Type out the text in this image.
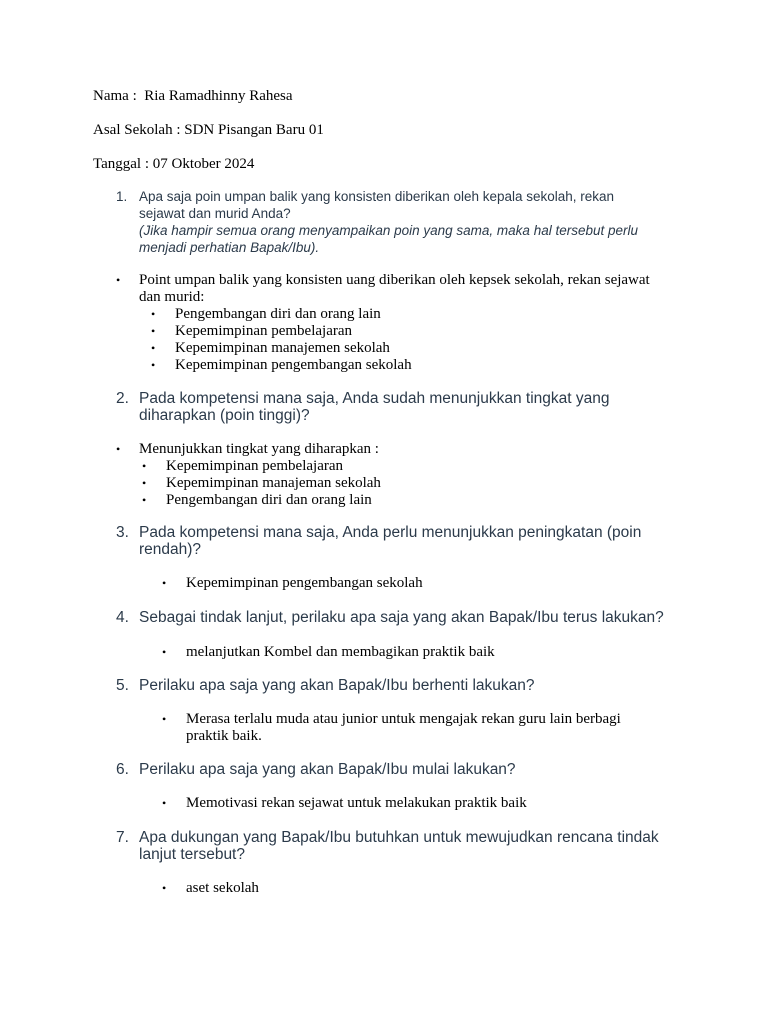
Nama : Ria Ramadhinny Rahesa
Asal Sekolah : SDN Pisangan Baru 01
Tanggal : 07 Oktober 2024
1. Apa saja poin umpan balik yang konsisten diberikan oleh kepala sekolah, rekan
sejawat dan murid Anda?
(Jika hampir semua orang menyampaikan poin yang sama, maka hal tersebut perlu
menjadi perhatian Bapak/Ibu).
• Point umpan balik yang konsisten uang diberikan oleh kepsek sekolah, rekan sejawat
dan murid:
• Pengembangan diri dan orang lain
• Kepemimpinan pembelajaran
• Kepemimpinan manajemen sekolah
• Kepemimpinan pengembangan sekolah
2. Pada kompetensi mana saja, Anda sudah menunjukkan tingkat yang
diharapkan (poin tinggi)?
• Menunjukkan tingkat yang diharapkan :
• Kepemimpinan pembelajaran
• Kepemimpinan manajeman sekolah
• Pengembangan diri dan orang lain
3. Pada kompetensi mana saja, Anda perlu menunjukkan peningkatan (poin
rendah)?
• Kepemimpinan pengembangan sekolah
4. Sebagai tindak lanjut, perilaku apa saja yang akan Bapak/Ibu terus lakukan?
• melanjutkan Kombel dan membagikan praktik baik
5. Perilaku apa saja yang akan Bapak/Ibu berhenti lakukan?
• Merasa terlalu muda atau junior untuk mengajak rekan guru lain berbagi
praktik baik.
6. Perilaku apa saja yang akan Bapak/Ibu mulai lakukan?
• Memotivasi rekan sejawat untuk melakukan praktik baik
7. Apa dukungan yang Bapak/Ibu butuhkan untuk mewujudkan rencana tindak
lanjut tersebut?
• aset sekolah
